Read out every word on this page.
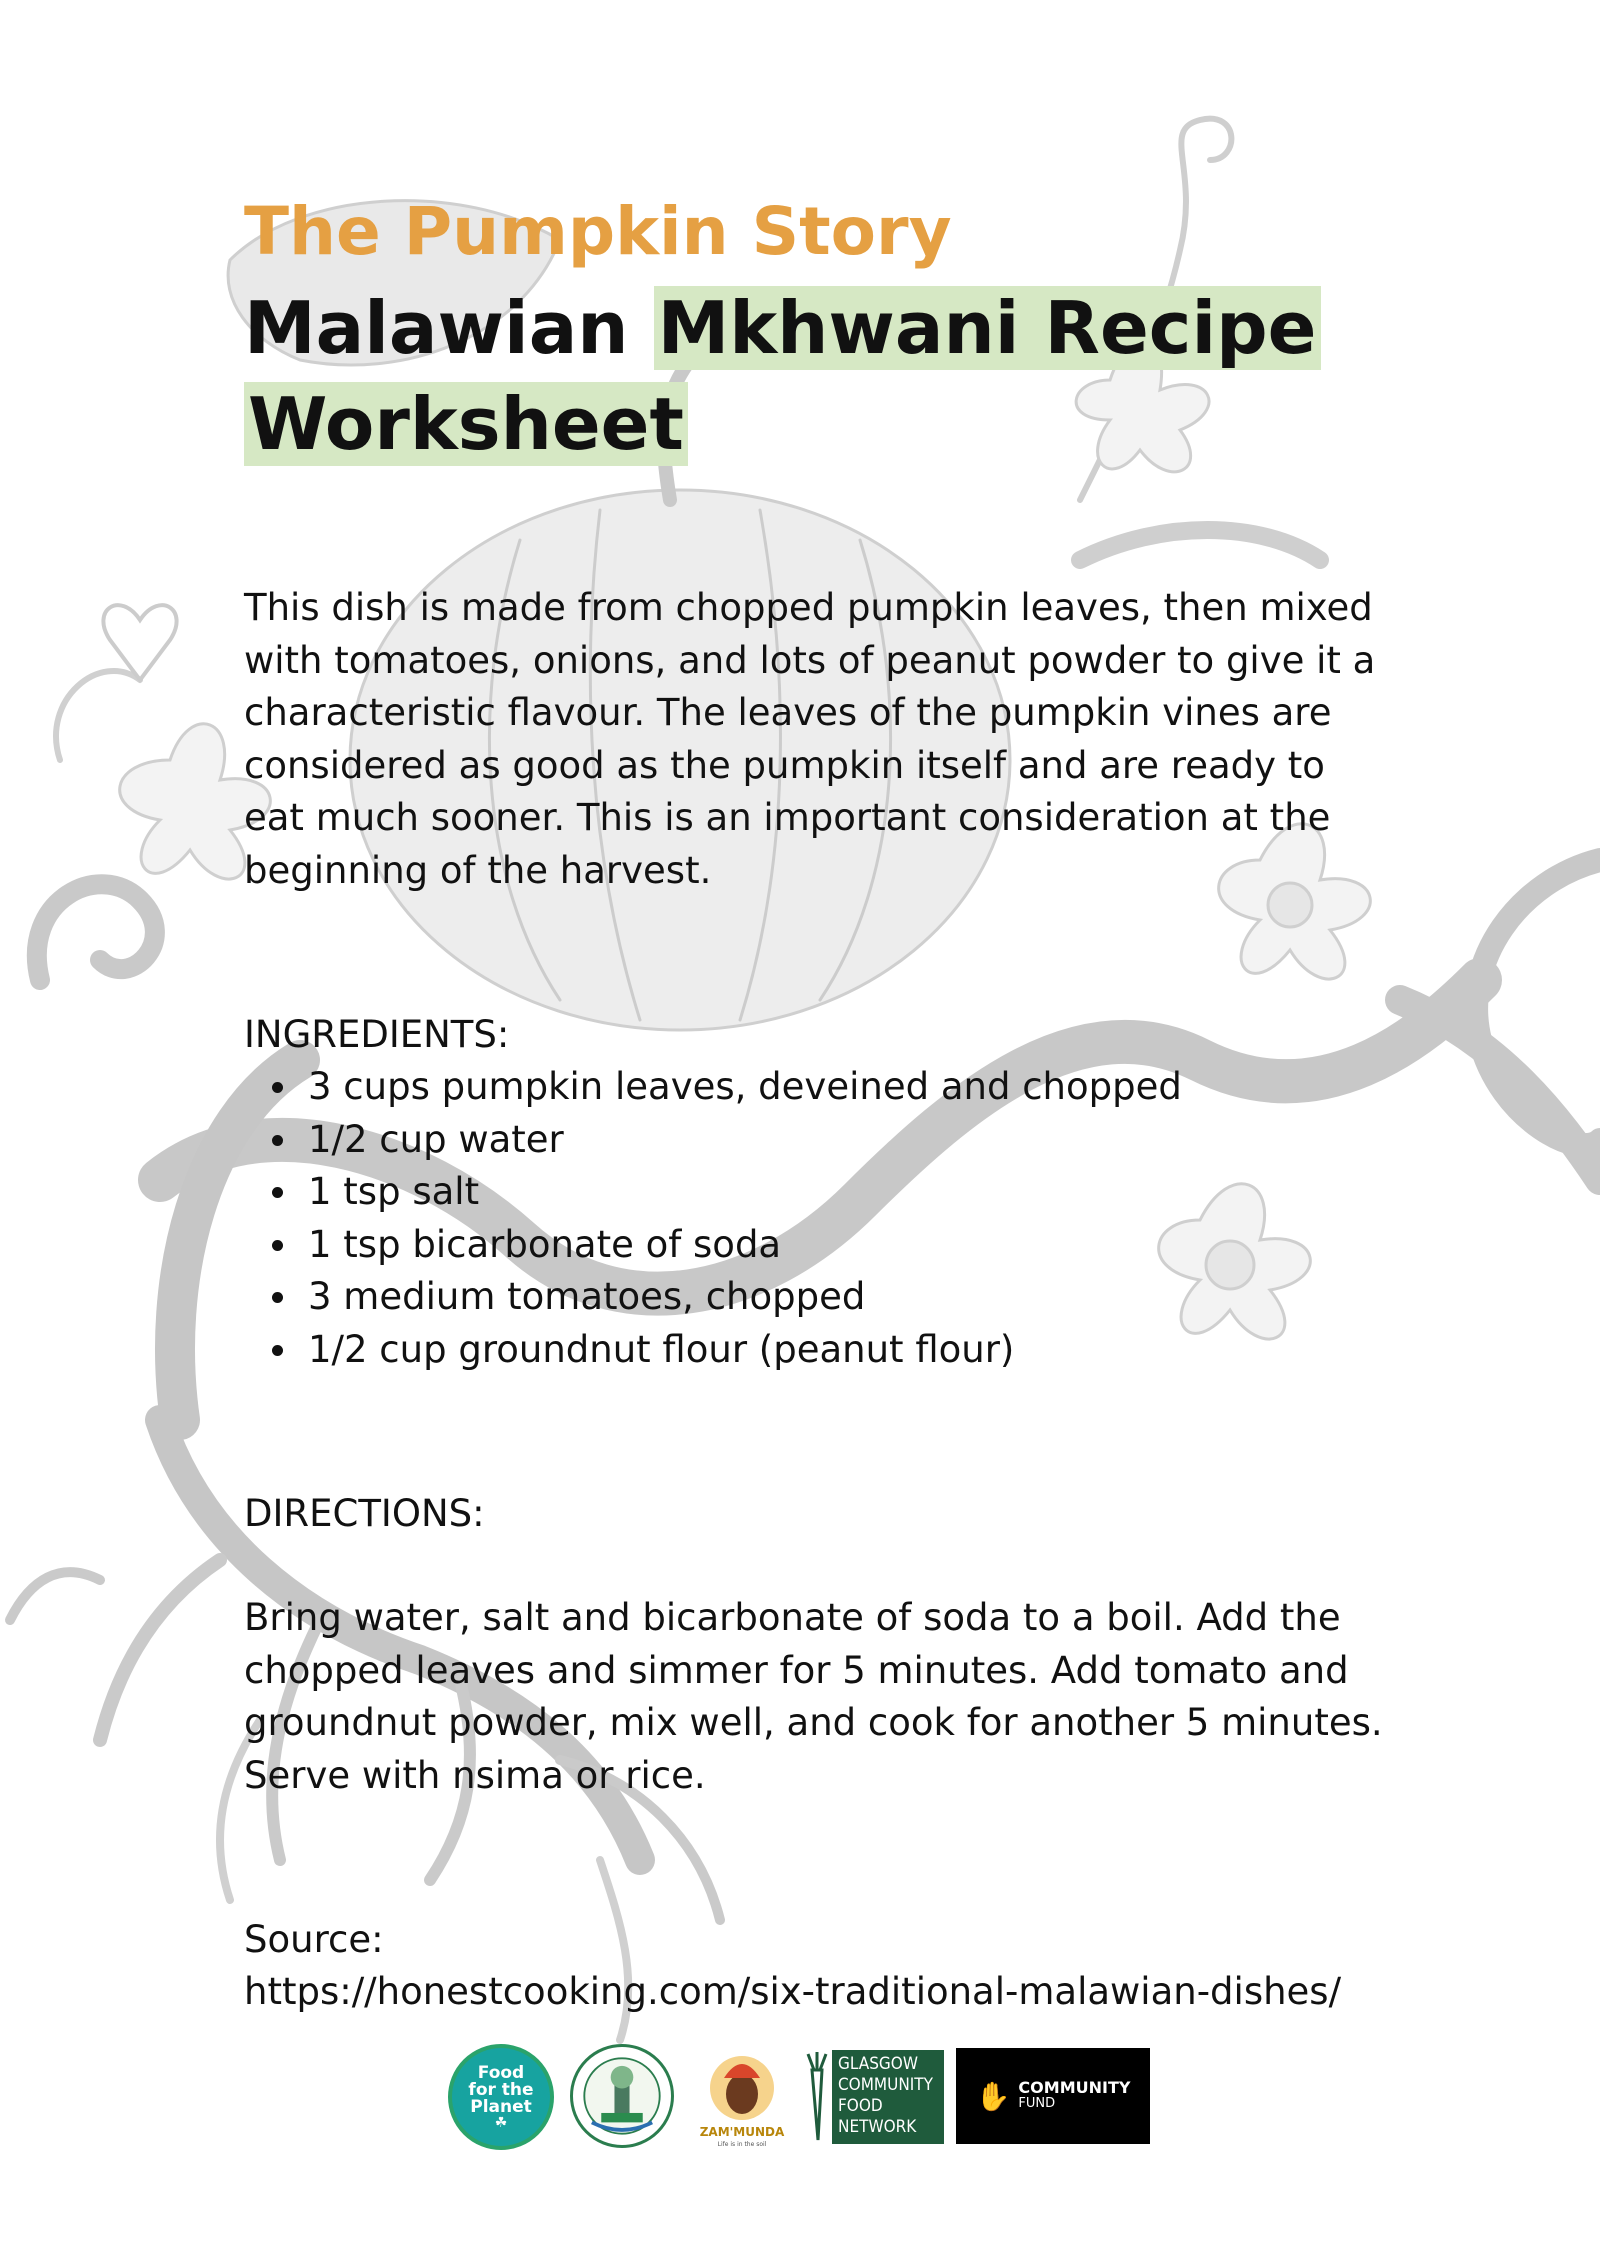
The Pumpkin Story
Malawian Mkhwani Recipe
Worksheet

This dish is made from chopped pumpkin leaves, then mixed with tomatoes, onions, and lots of peanut powder to give it a characteristic flavour. The leaves of the pumpkin vines are considered as good as the pumpkin itself and are ready to eat much sooner. This is an important consideration at the beginning of the harvest.

INGREDIENTS:

3 cups pumpkin leaves, deveined and chopped
1/2 cup water
1 tsp salt
1 tsp bicarbonate of soda
3 medium tomatoes, chopped
1/2 cup groundnut flour (peanut flour)

DIRECTIONS:

Bring water, salt and bicarbonate of soda to a boil. Add the chopped leaves and simmer for 5 minutes. Add tomato and groundnut powder, mix well, and cook for another 5 minutes. Serve with nsima or rice.

Source:

https://honestcooking.com/six-traditional-malawian-dishes/

Food
for the
Planet
☘
ZAM'MUNDA
Life is in the soil
GLASGOW
COMMUNITY
FOOD
NETWORK
✋ COMMUNITY
FUND
